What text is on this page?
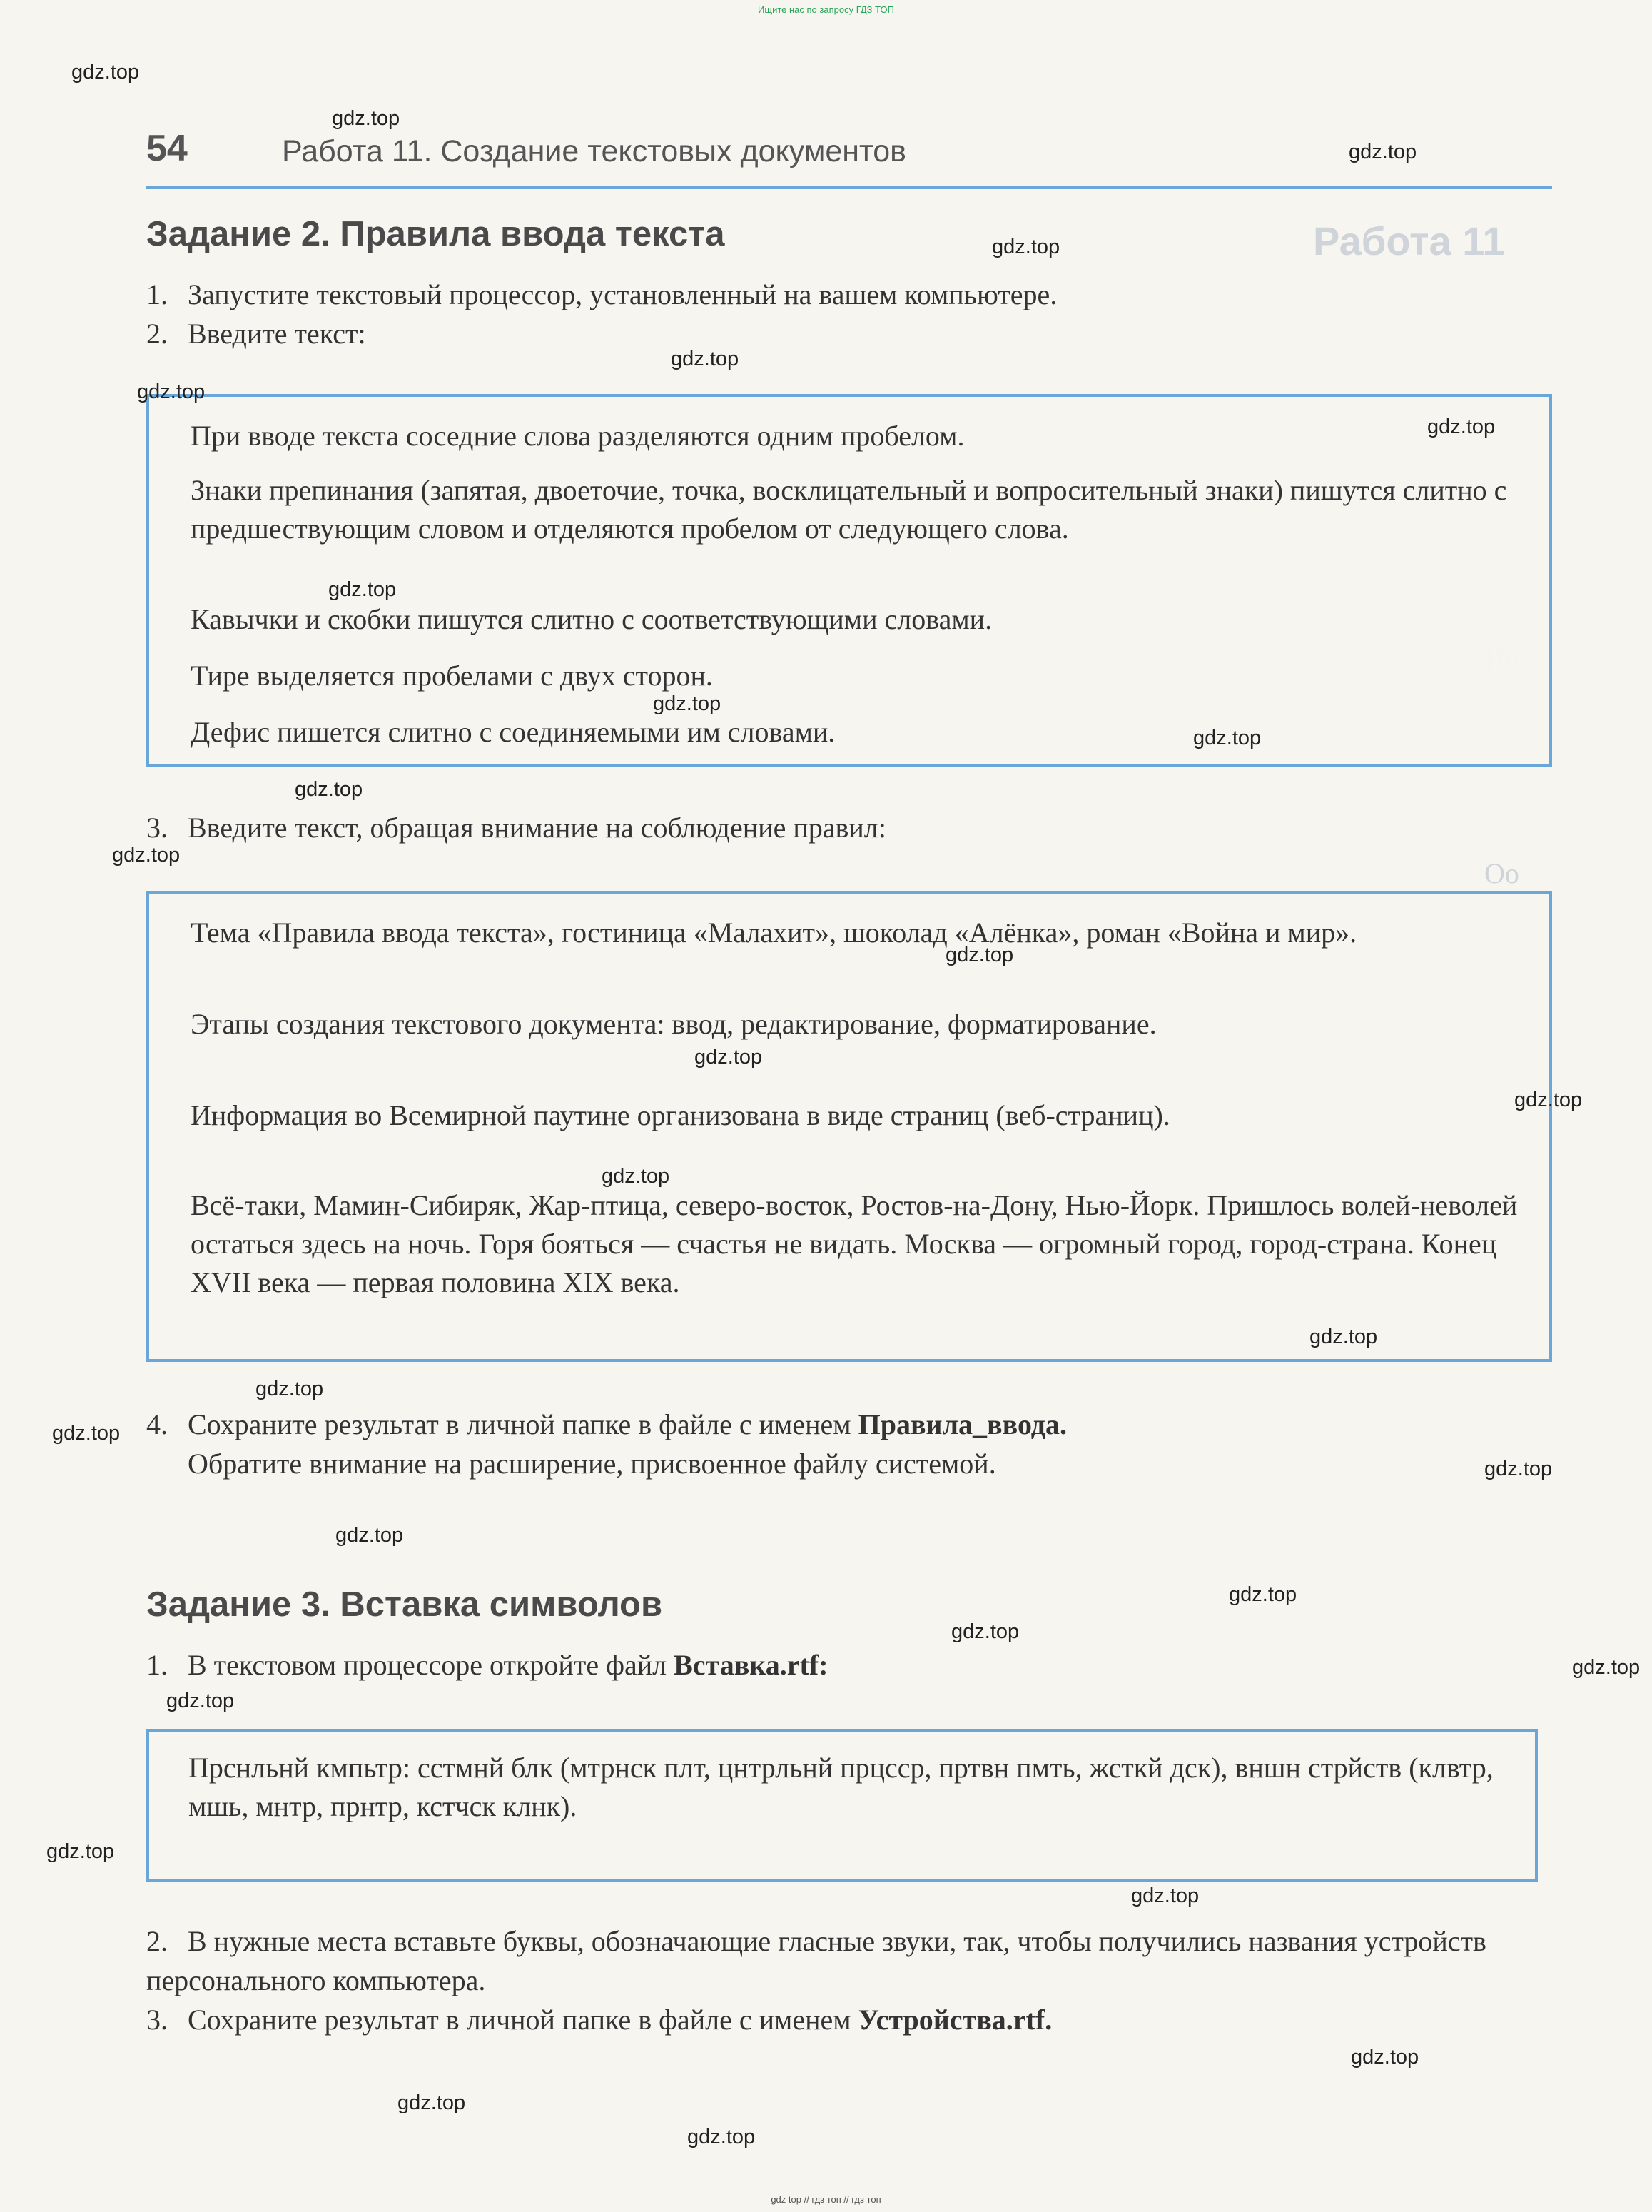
Ищите нас по запросу ГДЗ ТОП
Работа 11
Оо
54	Работа 11. Создание текстовых документов
Задание 2. Правила ввода текста
1. Запустите текстовый процессор, установленный на вашем компьютере.
2. Введите текст:
При вводе текста соседние слова разделяются одним пробелом.
Знаки препинания (запятая, двоеточие, точка, восклицательный и вопросительный знаки) пишутся слитно с предшествующим словом и отделяются пробелом от следующего слова.
Кавычки и скобки пишутся слитно с соответствующими словами.
Тире выделяется пробелами с двух сторон.
Дефис пишется слитно с соединяемыми им словами.
3. Введите текст, обращая внимание на соблюдение правил:
Тема «Правила ввода текста», гостиница «Малахит», шоколад «Алёнка», роман «Война и мир».
Этапы создания текстового документа: ввод, редактирование, форматирование.
Информация во Всемирной паутине организована в виде страниц (веб-страниц).
Всё-таки, Мамин-Сибиряк, Жар-птица, северо-восток, Ростов-на-Дону, Нью-Йорк. Пришлось волей-неволей остаться здесь на ночь. Горя бояться — счастья не видать. Москва — огромный город, город-страна. Конец XVII века — первая половина XIX века.
4. Сохраните результат в личной папке в файле с именем Правила_ввода.
Обратите внимание на расширение, присвоенное файлу системой.
Задание 3. Вставка символов
1. В текстовом процессоре откройте файл Вставка.rtf:
Прснльнй кмпьтр: сстмнй блк (мтрнск плт, цнтрльнй прцсср, пртвн пмть, жсткй дск), вншн стрйств (клвтр, мшь, мнтр, прнтр, кстчск клнк).
2. В нужные места вставьте буквы, обозначающие гласные звуки, так, чтобы получились названия устройств персонального компьютера.
3. Сохраните результат в личной папке в файле с именем Устройства.rtf.
gdz.top
gdz.top
gdz.top
gdz.top
gdz.top
gdz.top
gdz.top
gdz.top
gdz.top
gdz.top
gdz.top
gdz.top
gdz.top
gdz.top
gdz.top
gdz.top
gdz.top
gdz.top
gdz.top
gdz.top
gdz.top
gdz.top
gdz.top
gdz.top
gdz.top
gdz.top
gdz.top
gdz.top
gdz.top
gdz.top
gdz top // гдз топ // гдз топ
